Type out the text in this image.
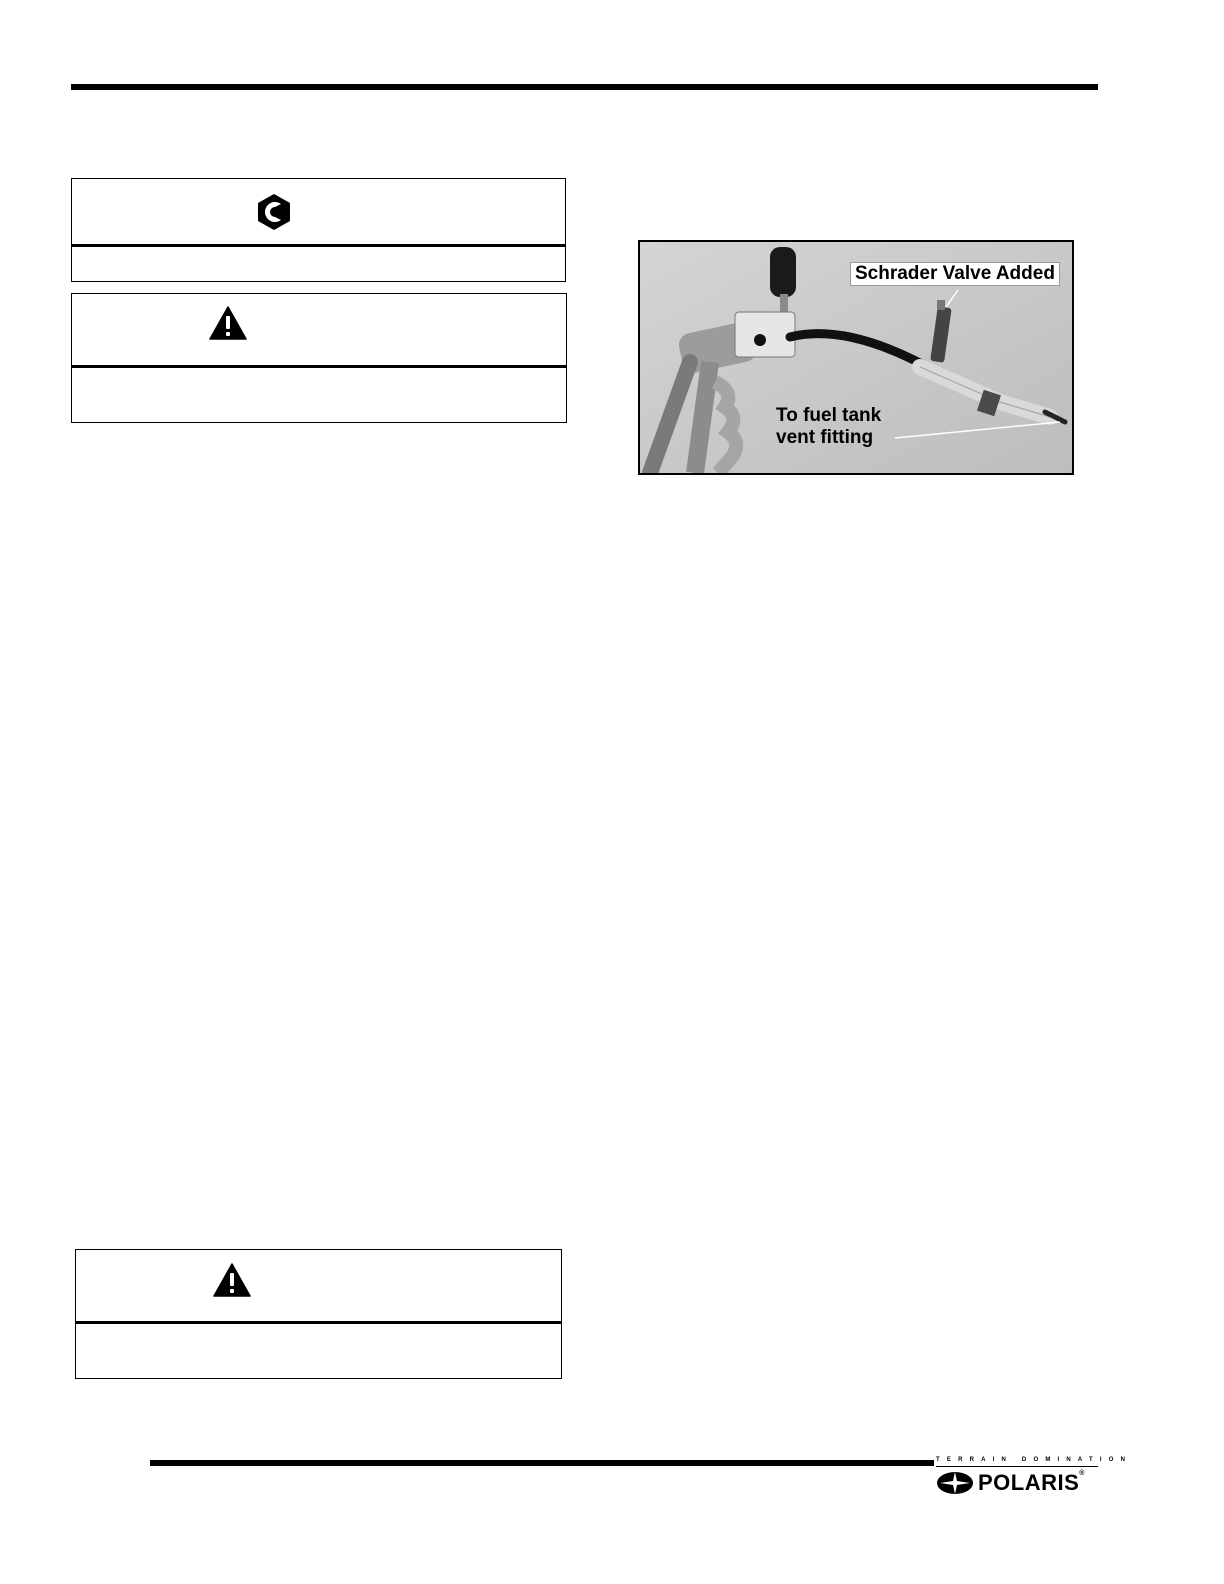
Schrader Valve Added
To fuel tank
vent fitting
TERRAIN DOMINATION
POLARIS®
